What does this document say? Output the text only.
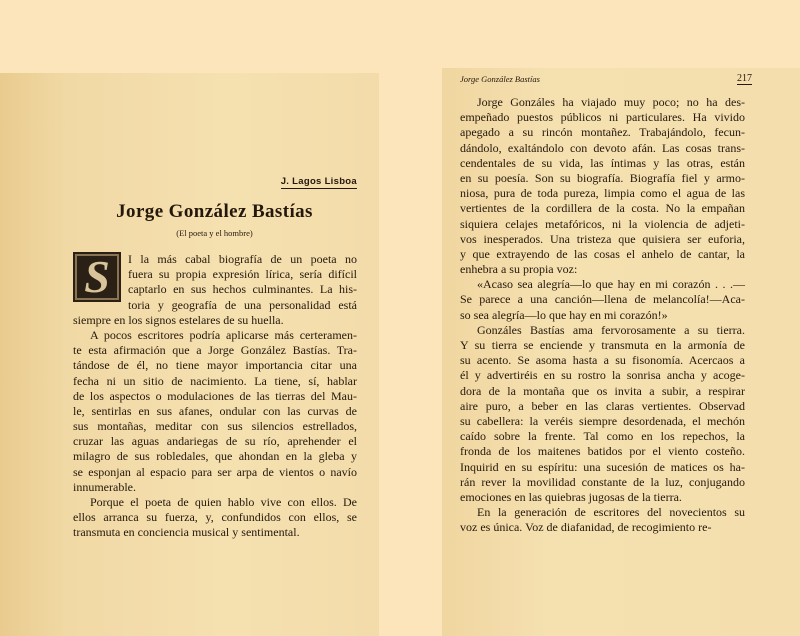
J. Lagos Lisboa
Jorge González Bastías
(El poeta y el hombre)
S	I la más cabal biografía de un poeta no
fuera su propia expresión lírica, sería difícil
captarlo en sus hechos culminantes. La his-
toria y geografía de una personalidad está
siempre en los signos estelares de su huella.
A pocos escritores podría aplicarse más certeramen-
te esta afirmación que a Jorge González Bastías. Tra-
tándose de él, no tiene mayor importancia citar una
fecha ni un sitio de nacimiento. La tiene, sí, hablar
de los aspectos o modulaciones de las tierras del Mau-
le, sentirlas en sus afanes, ondular con las curvas de
sus montañas, meditar con sus silencios estrellados,
cruzar las aguas andariegas de su río, aprehender el
milagro de sus robledales, que ahondan en la gleba y
se esponjan al espacio para ser arpa de vientos o navío
innumerable.
Porque el poeta de quien hablo vive con ellos. De
ellos arranca su fuerza, y, confundidos con ellos, se
transmuta en conciencia musical y sentimental.
Jorge González Bastías	217
Jorge Gonzáles ha viajado muy poco; no ha des-
empeñado puestos públicos ni particulares. Ha vivido
apegado a su rincón montañez. Trabajándolo, fecun-
dándolo, exaltándolo con devoto afán. Las cosas trans-
cendentales de su vida, las íntimas y las otras, están
en su poesía. Son su biografía. Biografía fiel y armo-
niosa, pura de toda pureza, limpia como el agua de las
vertientes de la cordillera de la costa. No la empañan
siquiera celajes metafóricos, ni la violencia de adjeti-
vos inesperados. Una tristeza que quisiera ser euforia,
y que extrayendo de las cosas el anhelo de cantar, la
enhebra a su propia voz:
«Acaso sea alegría—lo que hay en mi corazón . . .—
Se parece a una canción—llena de melancolía!—Aca-
so sea alegría—lo que hay en mi corazón!»
Gonzáles Bastías ama fervorosamente a su tierra.
Y su tierra se enciende y transmuta en la armonía de
su acento. Se asoma hasta a su fisonomía. Acercaos a
él y advertiréis en su rostro la sonrisa ancha y acoge-
dora de la montaña que os invita a subir, a respirar
aire puro, a beber en las claras vertientes. Observad
su cabellera: la veréis siempre desordenada, el mechón
caído sobre la frente. Tal como en los repechos, la
fronda de los maitenes batidos por el viento costeño.
Inquirid en su espíritu: una sucesión de matices os ha-
rán rever la movilidad constante de la luz, conjugando
emociones en las quiebras jugosas de la tierra.
En la generación de escritores del novecientos su
voz es única. Voz de diafanidad, de recogimiento re-
